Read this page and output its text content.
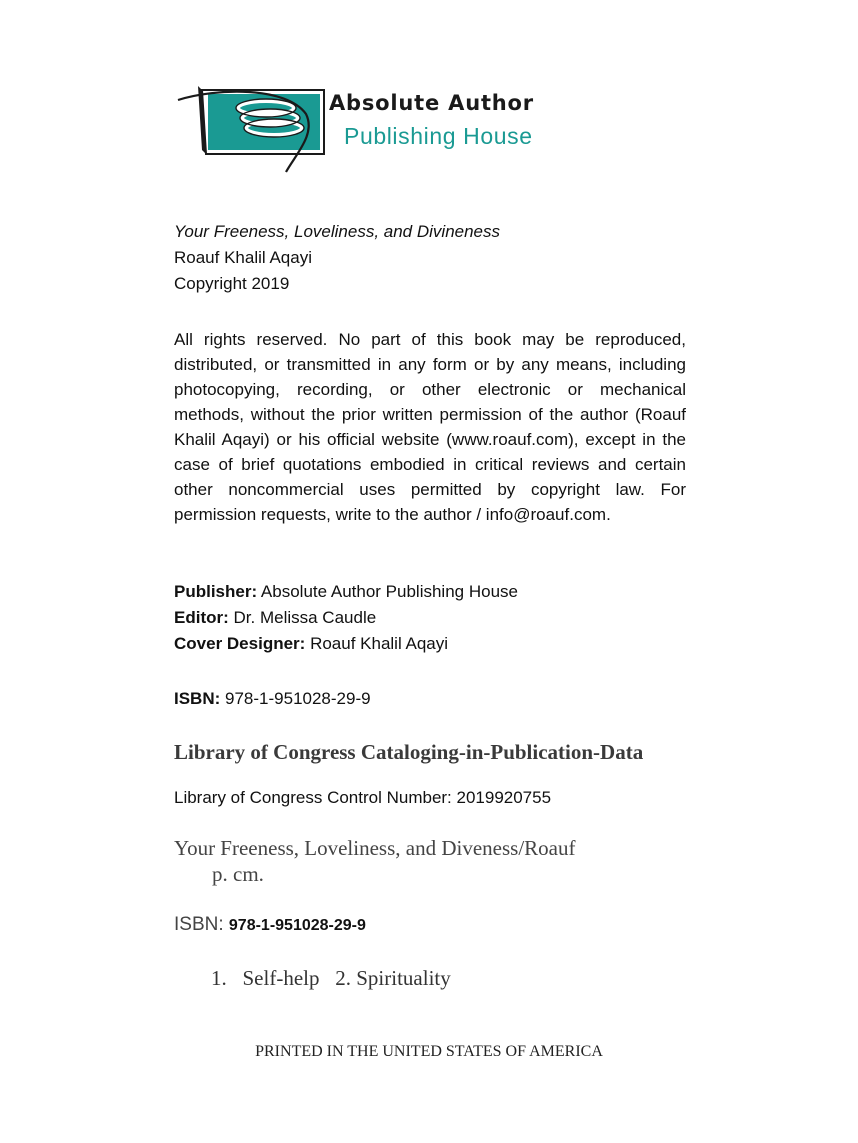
Absolute Author
Publishing House
Your Freeness, Loveliness, and Divineness
Roauf Khalil Aqayi
Copyright 2019
All rights reserved. No part of this book may be reproduced, distributed, or transmitted in any form or by any means, including photocopying, recording, or other electronic or mechanical methods, without the prior written permission of the author (Roauf Khalil Aqayi) or his official website (www.roauf.com), except in the case of brief quotations embodied in critical reviews and certain other noncommercial uses permitted by copyright law. For permission requests, write to the author / info@roauf.com.
Publisher: Absolute Author Publishing House
Editor: Dr. Melissa Caudle
Cover Designer: Roauf Khalil Aqayi
ISBN: 978-1-951028-29-9
Library of Congress Cataloging-in-Publication-Data
Library of Congress Control Number: 2019920755
Your Freeness, Loveliness, and Diveness/Roauf
p. cm.
ISBN: 978-1-951028-29-9
1. Self-help 2. Spirituality
PRINTED IN THE UNITED STATES OF AMERICA
